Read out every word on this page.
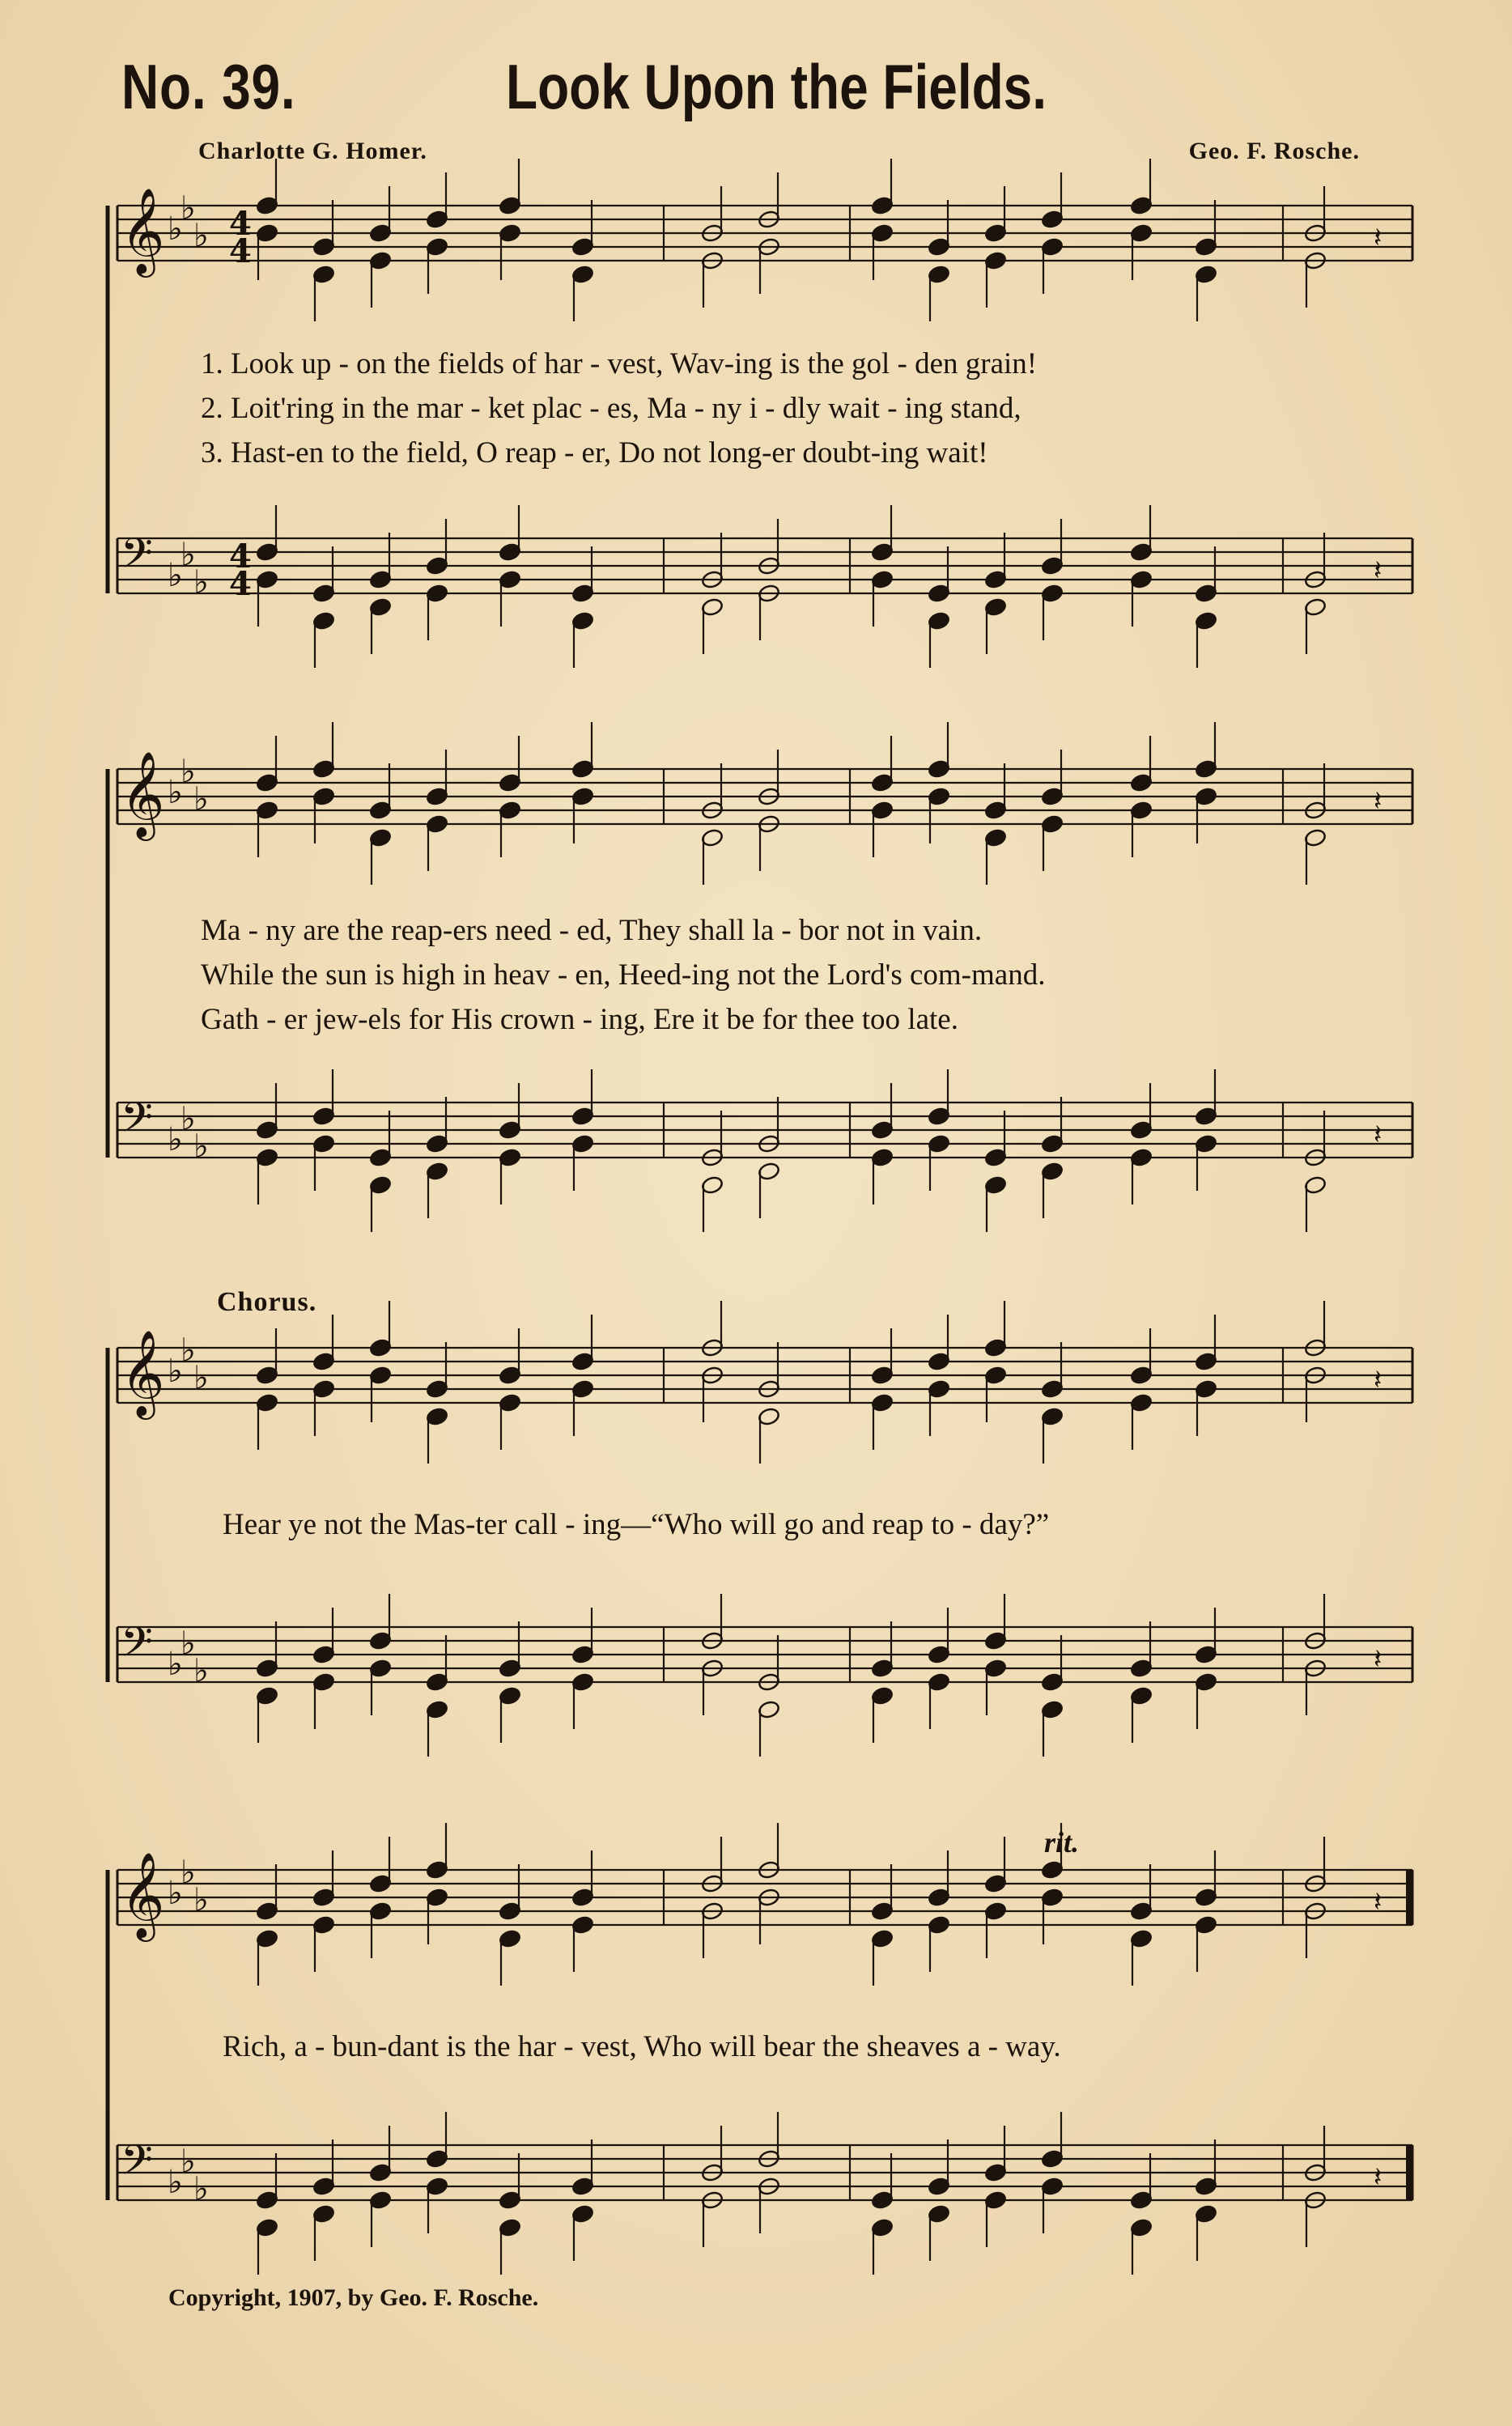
No. 39.	Look Upon the Fields.
Charlotte G. Homer.	Geo. F. Rosche.
𝄞 ♭
♭
♭	𝄽
𝄢 ♭
♭
♭	𝄽
𝄞 ♭
♭
♭	𝄽
𝄢 ♭
♭
♭	𝄽
𝄞 ♭
♭
♭	𝄽
𝄢 ♭
♭
♭	𝄽
𝄞 ♭
♭
♭	𝄽
𝄢 ♭
♭
♭	𝄽
4
4
4
4
1. Look up - on the fields of har - vest, Wav-ing is the gol - den grain!
2. Loit'ring in the mar - ket plac - es, Ma - ny i - dly wait - ing stand,
3. Hast-en to the field, O reap - er, Do not long-er doubt-ing wait!
Ma - ny are the reap-ers need - ed, They shall la - bor not in vain.
While the sun is high in heav - en, Heed-ing not the Lord's com-mand.
Gath - er jew-els for His crown - ing, Ere it be for thee too late.
Chorus.
Hear ye not the Mas-ter call - ing—“Who will go and reap to - day?”
rit.
Rich, a - bun-dant is the har - vest, Who will bear the sheaves a - way.
Copyright, 1907, by Geo. F. Rosche.
